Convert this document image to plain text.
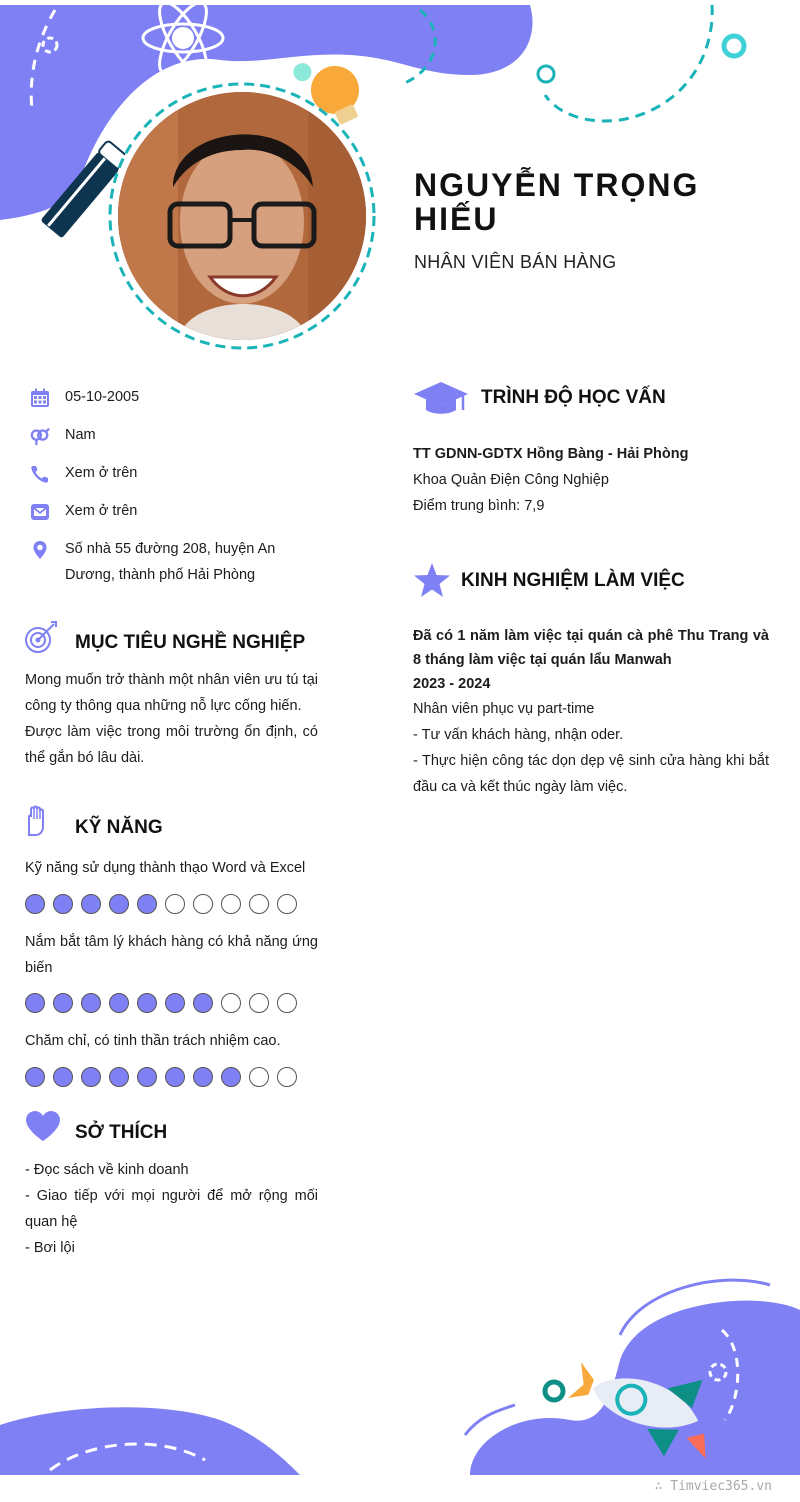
NGUYỄN TRỌNG HIẾU
NHÂN VIÊN BÁN HÀNG
05-10-2005
Nam
Xem ở trên
Xem ở trên
Số nhà 55 đường 208, huyện An Dương, thành phố Hải Phòng
MỤC TIÊU NGHỀ NGHIỆP
Mong muốn trở thành một nhân viên ưu tú tại công ty thông qua những nỗ lực cống hiến.
Được làm việc trong môi trường ổn định, có thể gắn bó lâu dài.
KỸ NĂNG
Kỹ năng sử dụng thành thạo Word và Excel
Nắm bắt tâm lý khách hàng có khả năng ứng biến
Chăm chỉ, có tinh thần trách nhiệm cao.
SỞ THÍCH
- Đọc sách về kinh doanh
- Giao tiếp với mọi người để mở rộng mối quan hệ
- Bơi lội
TRÌNH ĐỘ HỌC VẤN
TT GDNN-GDTX Hồng Bàng - Hải Phòng
Khoa Quản Điện Công Nghiệp
Điểm trung bình: 7,9
KINH NGHIỆM LÀM VIỆC
Đã có 1 năm làm việc tại quán cà phê Thu Trang và 8 tháng làm việc tại quán lẩu Manwah
2023 - 2024
Nhân viên phục vụ part-time
- Tư vấn khách hàng, nhận oder.
- Thực hiện công tác dọn dẹp vệ sinh cửa hàng khi bắt đầu ca và kết thúc ngày làm việc.
∴ Timviec365.vn
